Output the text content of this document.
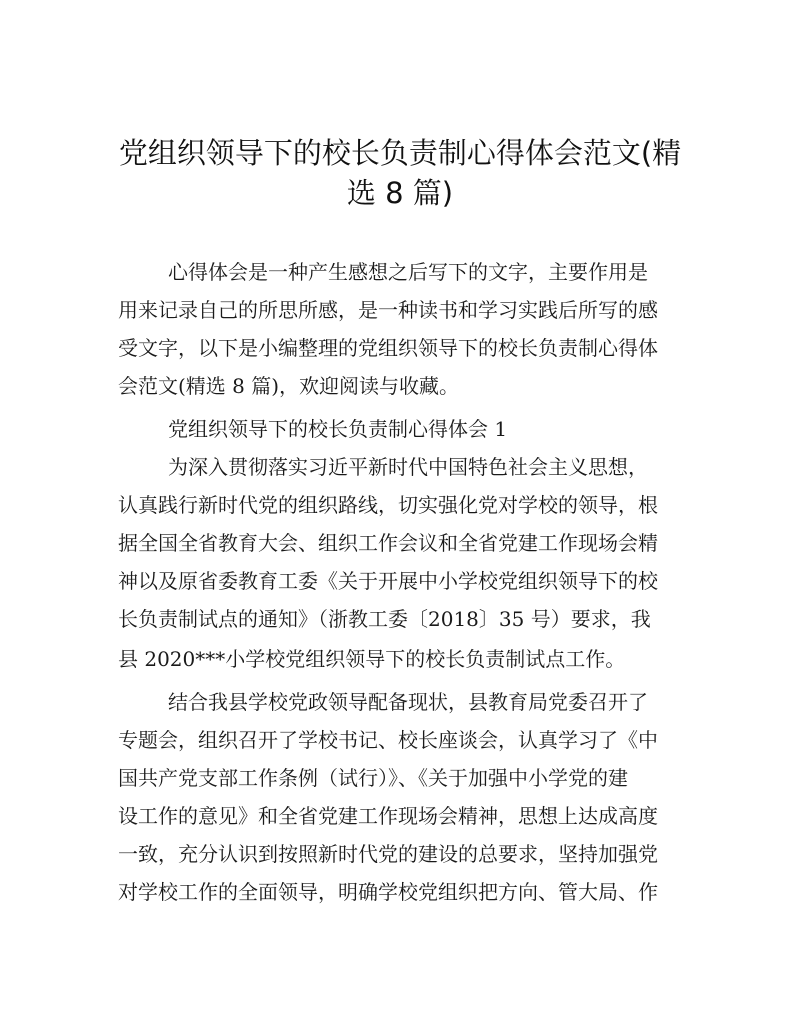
党组织领导下的校长负责制心得体会范文(精
选 8 篇)

心得体会是一种产生感想之后写下的文字，主要作用是

用来记录自己的所思所感，是一种读书和学习实践后所写的感

受文字，以下是小编整理的党组织领导下的校长负责制心得体

会范文(精选 8 篇)，欢迎阅读与收藏。

党组织领导下的校长负责制心得体会 1

为深入贯彻落实习近平新时代中国特色社会主义思想，

认真践行新时代党的组织路线，切实强化党对学校的领导，根

据全国全省教育大会、组织工作会议和全省党建工作现场会精

神以及原省委教育工委《关于开展中小学校党组织领导下的校

长负责制试点的通知》（浙教工委〔2018〕35 号）要求，我

县 2020***小学校党组织领导下的校长负责制试点工作。

结合我县学校党政领导配备现状，县教育局党委召开了

专题会，组织召开了学校书记、校长座谈会，认真学习了《中

国共产党支部工作条例（试行）》、《关于加强中小学党的建

设工作的意见》和全省党建工作现场会精神，思想上达成高度

一致，充分认识到按照新时代党的建设的总要求，坚持加强党

对学校工作的全面领导，明确学校党组织把方向、管大局、作
